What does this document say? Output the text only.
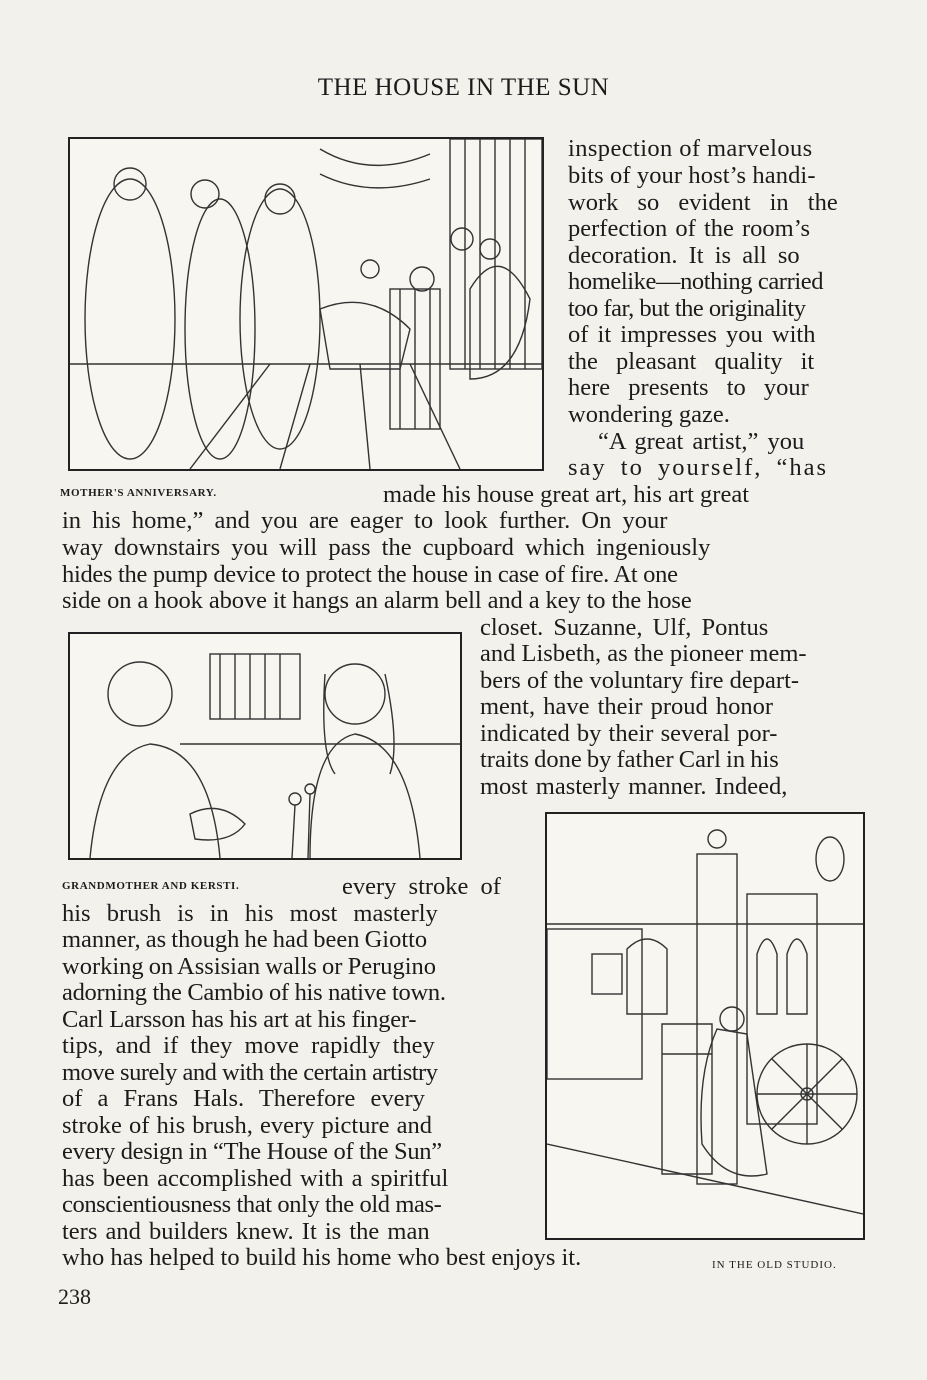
THE HOUSE IN THE SUN
MOTHER'S ANNIVERSARY.
GRANDMOTHER AND KERSTI.
IN THE OLD STUDIO.
inspection of marvelous
bits of your host’s handi-
work so evident in the
perfection of the room’s
decoration. It is all so
homelike—nothing carried
too far, but the originality
of it impresses you with
the pleasant quality it
here presents to your
wondering gaze.
“A great artist,” you
say to yourself, “has
made his house great art, his art great
in his home,” and you are eager to look further. On your
way downstairs you will pass the cupboard which ingeniously
hides the pump device to protect the house in case of fire. At one
side on a hook above it hangs an alarm bell and a key to the hose
closet. Suzanne, Ulf, Pontus
and Lisbeth, as the pioneer mem-
bers of the voluntary fire depart-
ment, have their proud honor
indicated by their several por-
traits done by father Carl in his
most masterly manner. Indeed,
every stroke of
his brush is in his most masterly
manner, as though he had been Giotto
working on Assisian walls or Perugino
adorning the Cambio of his native town.
Carl Larsson has his art at his finger-
tips, and if they move rapidly they
move surely and with the certain artistry
of a Frans Hals. Therefore every
stroke of his brush, every picture and
every design in “The House of the Sun”
has been accomplished with a spiritful
conscientiousness that only the old mas-
ters and builders knew. It is the man
who has helped to build his home who best enjoys it.
238
